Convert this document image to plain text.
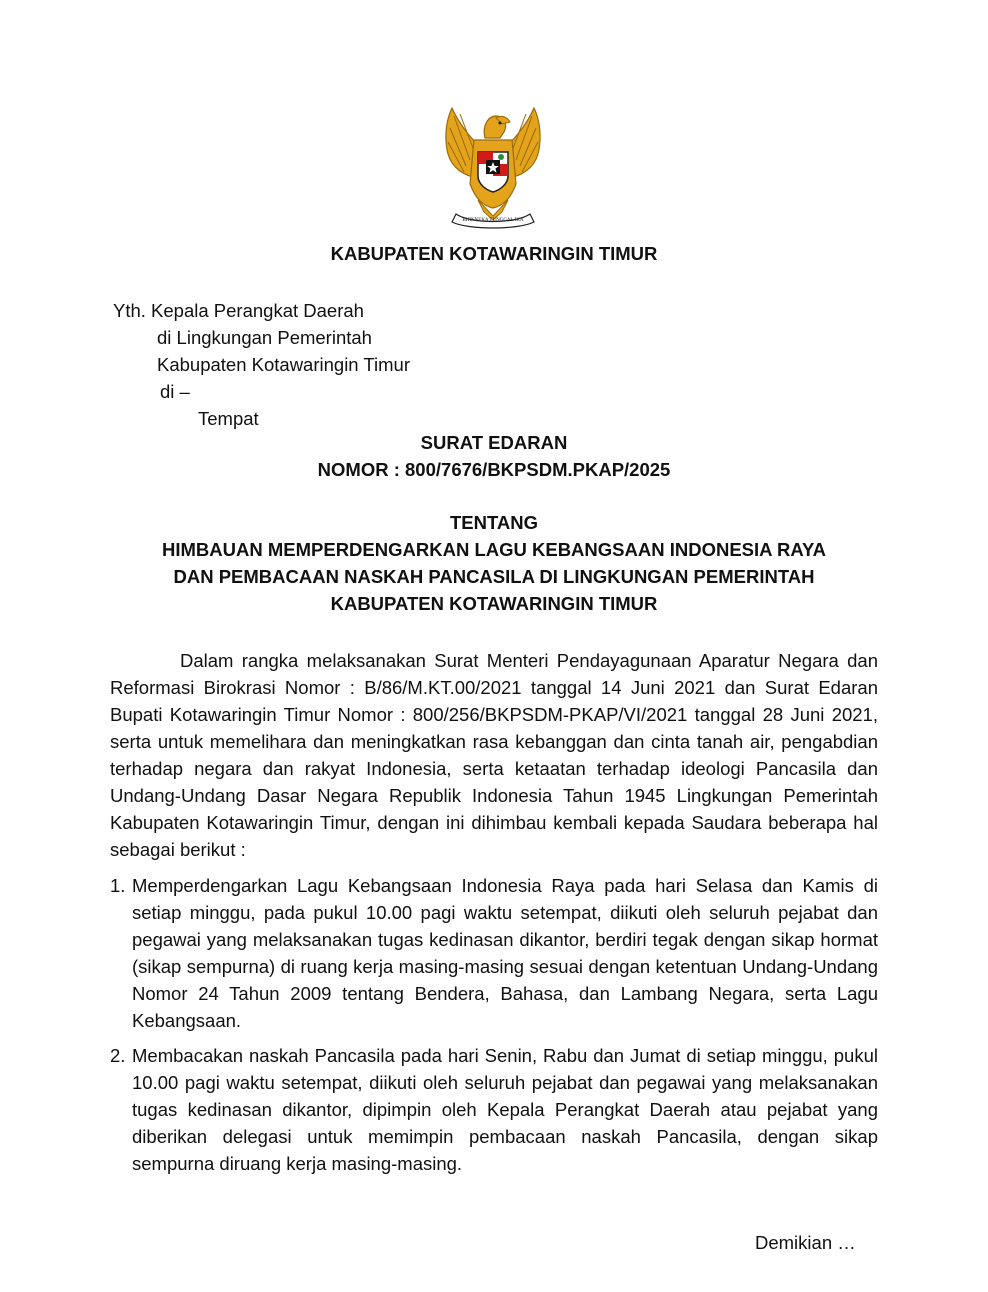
BHINNEKA TUNGGAL IKA
KABUPATEN KOTAWARINGIN TIMUR
Yth. Kepala Perangkat Daerah
di Lingkungan Pemerintah
Kabupaten Kotawaringin Timur
di –
Tempat
SURAT EDARAN
NOMOR : 800/7676/BKPSDM.PKAP/2025
TENTANG
HIMBAUAN MEMPERDENGARKAN LAGU KEBANGSAAN INDONESIA RAYA
DAN PEMBACAAN NASKAH PANCASILA DI LINGKUNGAN PEMERINTAH
KABUPATEN KOTAWARINGIN TIMUR

Dalam rangka melaksanakan Surat Menteri Pendayagunaan Aparatur Negara dan Reformasi Birokrasi Nomor : B/86/M.KT.00/2021 tanggal 14 Juni 2021 dan Surat Edaran Bupati Kotawaringin Timur Nomor : 800/256/BKPSDM-PKAP/VI/2021 tanggal 28 Juni 2021, serta untuk memelihara dan meningkatkan rasa kebanggan dan cinta tanah air, pengabdian terhadap negara dan rakyat Indonesia, serta ketaatan terhadap ideologi Pancasila dan Undang-Undang Dasar Negara Republik Indonesia Tahun 1945 Lingkungan Pemerintah Kabupaten Kotawaringin Timur, dengan ini dihimbau kembali kepada Saudara beberapa hal sebagai berikut :

1. Memperdengarkan Lagu Kebangsaan Indonesia Raya pada hari Selasa dan Kamis di setiap minggu, pada pukul 10.00 pagi waktu setempat, diikuti oleh seluruh pejabat dan pegawai yang melaksanakan tugas kedinasan dikantor, berdiri tegak dengan sikap hormat (sikap sempurna) di ruang kerja masing-masing sesuai dengan ketentuan Undang-Undang Nomor 24 Tahun 2009 tentang Bendera, Bahasa, dan Lambang Negara, serta Lagu Kebangsaan.
2. Membacakan naskah Pancasila pada hari Senin, Rabu dan Jumat di setiap minggu, pukul 10.00 pagi waktu setempat, diikuti oleh seluruh pejabat dan pegawai yang melaksanakan tugas kedinasan dikantor, dipimpin oleh Kepala Perangkat Daerah atau pejabat yang diberikan delegasi untuk memimpin pembacaan naskah Pancasila, dengan sikap sempurna diruang kerja masing-masing.
Demikian …
